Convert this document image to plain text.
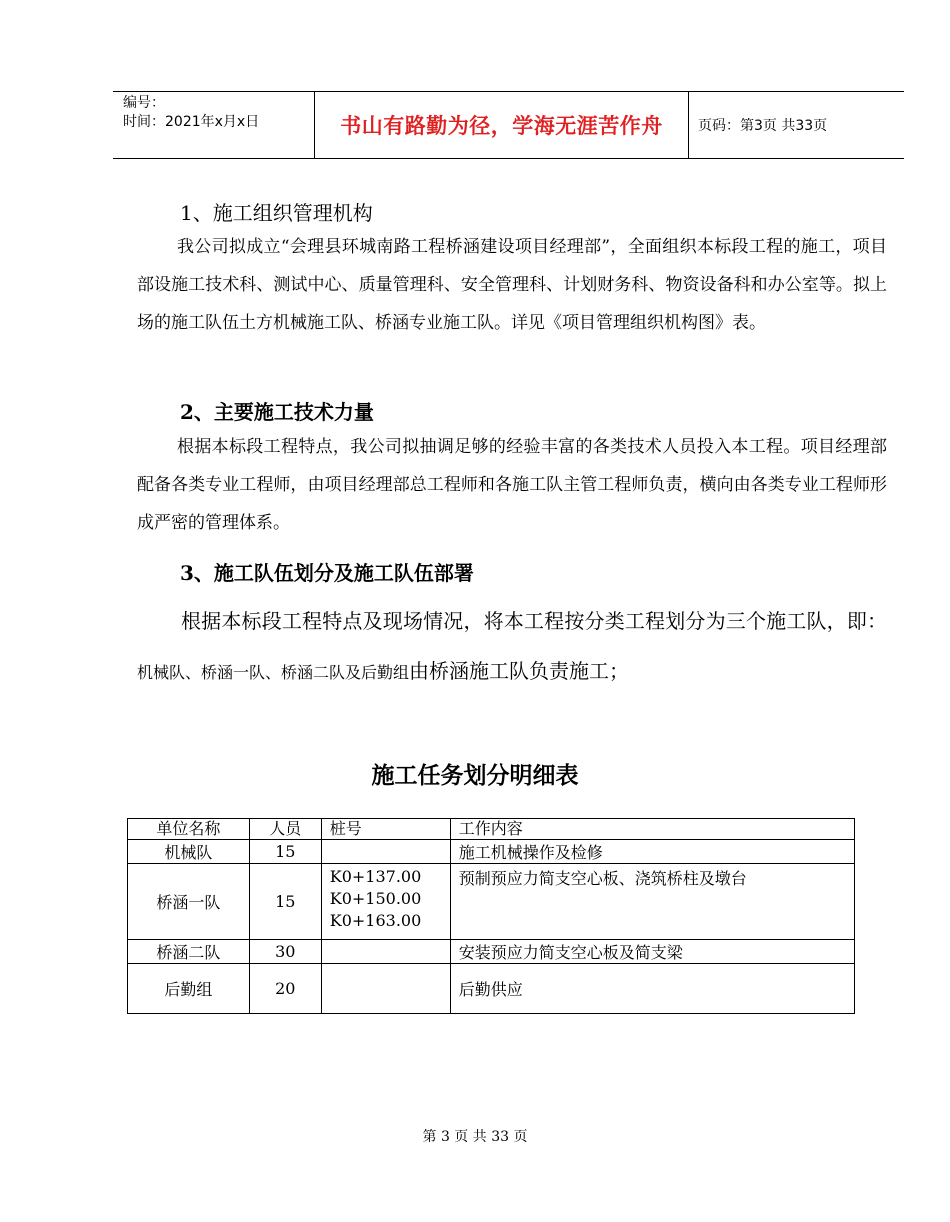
编号：
时间：2021年x月x日	书山有路勤为径，学海无涯苦作舟	页码：第3页 共33页
1、施工组织管理机构
我公司拟成立“会理县环城南路工程桥涵建设项目经理部”，全面组织本标段工程的施工，项目部设施工技术科、测试中心、质量管理科、安全管理科、计划财务科、物资设备科和办公室等。拟上场的施工队伍土方机械施工队、桥涵专业施工队。详见《项目管理组织机构图》表。
2、主要施工技术力量
根据本标段工程特点，我公司拟抽调足够的经验丰富的各类技术人员投入本工程。项目经理部配备各类专业工程师，由项目经理部总工程师和各施工队主管工程师负责，横向由各类专业工程师形成严密的管理体系。
3、施工队伍划分及施工队伍部署
根据本标段工程特点及现场情况，将本工程按分类工程划分为三个施工队，即：机械队、桥涵一队、桥涵二队及后勤组由桥涵施工队负责施工；
施工任务划分明细表
单位名称	人员	桩号	工作内容
机械队	15		施工机械操作及检修
桥涵一队	15	K0+137.00
K0+150.00
K0+163.00	预制预应力简支空心板、浇筑桥柱及墩台
桥涵二队	30		安装预应力简支空心板及简支梁
后勤组	20		后勤供应
第 3 页 共 33 页
